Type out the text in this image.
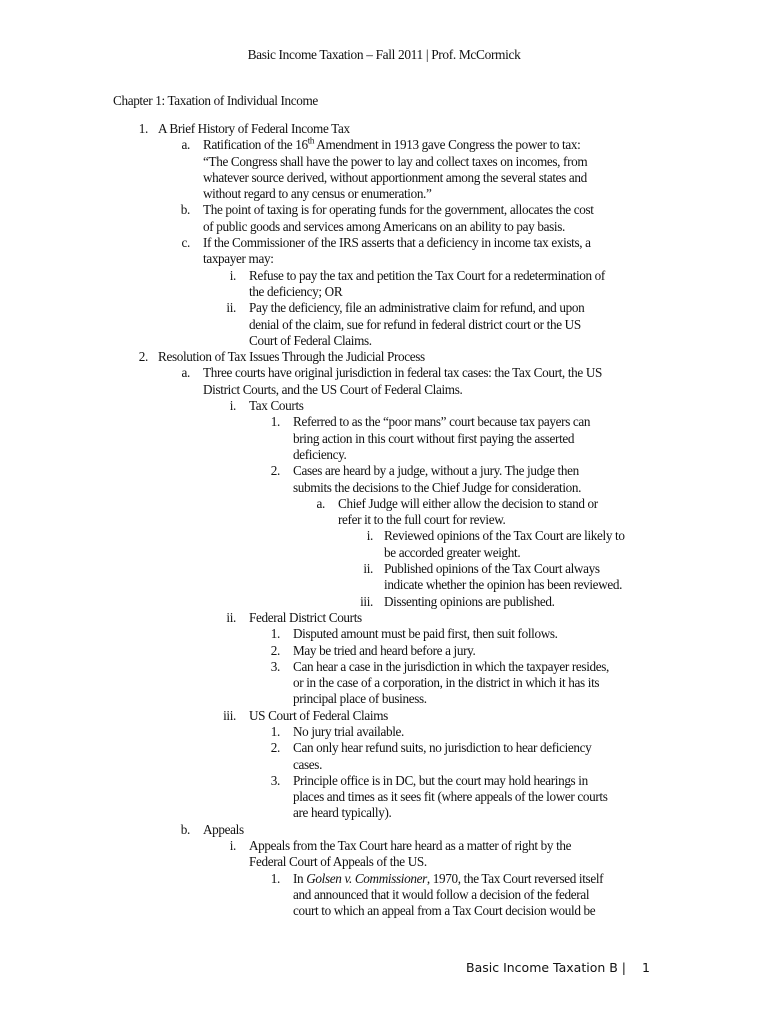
Basic Income Taxation – Fall 2011 | Prof. McCormick
Chapter 1: Taxation of Individual Income
1. A Brief History of Federal Income Tax
a. Ratification of the 16th Amendment in 1913 gave Congress the power to tax:
“The Congress shall have the power to lay and collect taxes on incomes, from
whatever source derived, without apportionment among the several states and
without regard to any census or enumeration.”
b. The point of taxing is for operating funds for the government, allocates the cost
of public goods and services among Americans on an ability to pay basis.
c. If the Commissioner of the IRS asserts that a deficiency in income tax exists, a
taxpayer may:
i. Refuse to pay the tax and petition the Tax Court for a redetermination of
the deficiency; OR
ii. Pay the deficiency, file an administrative claim for refund, and upon
denial of the claim, sue for refund in federal district court or the US
Court of Federal Claims.
2. Resolution of Tax Issues Through the Judicial Process
a. Three courts have original jurisdiction in federal tax cases: the Tax Court, the US
District Courts, and the US Court of Federal Claims.
i. Tax Courts
1. Referred to as the “poor mans” court because tax payers can
bring action in this court without first paying the asserted
deficiency.
2. Cases are heard by a judge, without a jury. The judge then
submits the decisions to the Chief Judge for consideration.
a. Chief Judge will either allow the decision to stand or
refer it to the full court for review.
i. Reviewed opinions of the Tax Court are likely to
be accorded greater weight.
ii. Published opinions of the Tax Court always
indicate whether the opinion has been reviewed.
iii. Dissenting opinions are published.
ii. Federal District Courts
1. Disputed amount must be paid first, then suit follows.
2. May be tried and heard before a jury.
3. Can hear a case in the jurisdiction in which the taxpayer resides,
or in the case of a corporation, in the district in which it has its
principal place of business.
iii. US Court of Federal Claims
1. No jury trial available.
2. Can only hear refund suits, no jurisdiction to hear deficiency
cases.
3. Principle office is in DC, but the court may hold hearings in
places and times as it sees fit (where appeals of the lower courts
are heard typically).
b. Appeals
i. Appeals from the Tax Court hare heard as a matter of right by the
Federal Court of Appeals of the US.
1. In Golsen v. Commissioner, 1970, the Tax Court reversed itself
and announced that it would follow a decision of the federal
court to which an appeal from a Tax Court decision would be
Basic Income Taxation B | 1
